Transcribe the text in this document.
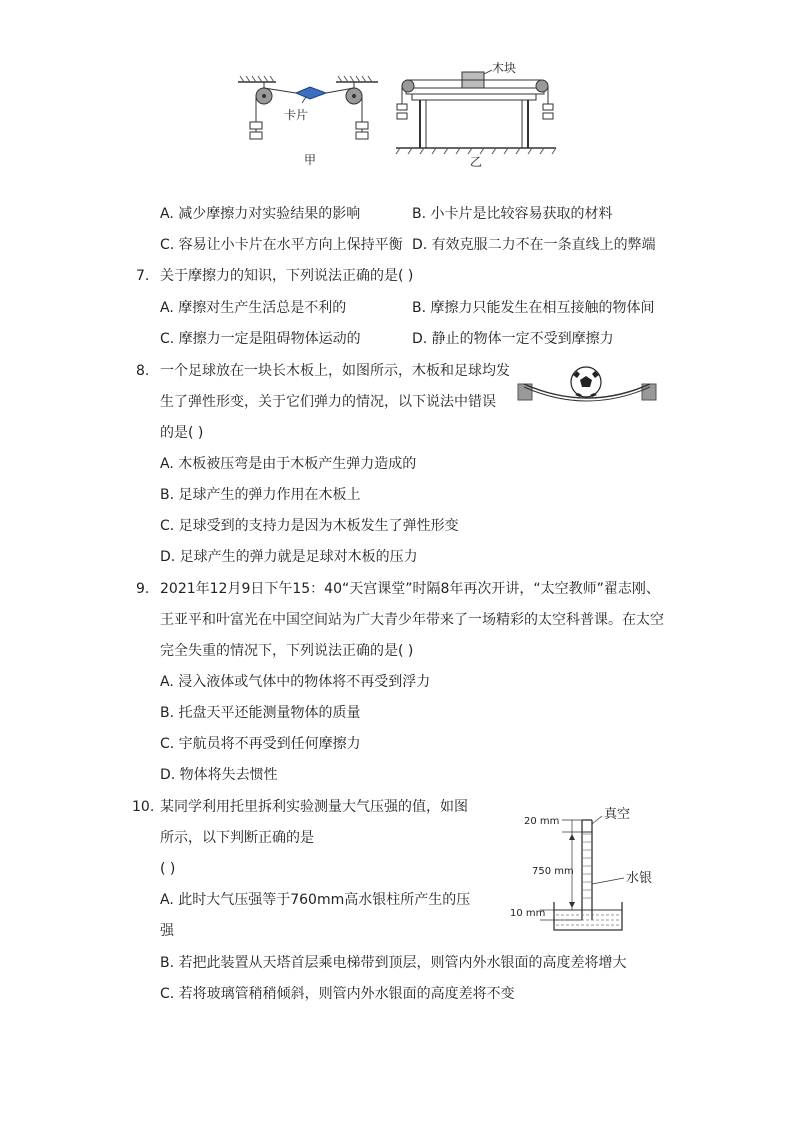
卡片
甲
木块
乙
A. 减少摩擦力对实验结果的影响	B. 小卡片是比较容易获取的材料
C. 容易让小卡片在水平方向上保持平衡 D. 有效克服二力不在一条直线上的弊端
7. 关于摩擦力的知识，下列说法正确的是( )
A. 摩擦对生产生活总是不利的	B. 摩擦力只能发生在相互接触的物体间
C. 摩擦力一定是阻碍物体运动的	D. 静止的物体一定不受到摩擦力
8. 一个足球放在一块长木板上，如图所示，木板和足球均发
生了弹性形变，关于它们弹力的情况，以下说法中错误
的是( )
A. 木板被压弯是由于木板产生弹力造成的
B. 足球产生的弹力作用在木板上
C. 足球受到的支持力是因为木板发生了弹性形变
D. 足球产生的弹力就是足球对木板的压力
9. 2021年12月9日下午15：40“天宫课堂”时隔8年再次开讲，“太空教师”翟志刚、
王亚平和叶富光在中国空间站为广大青少年带来了一场精彩的太空科普课。在太空
完全失重的情况下，下列说法正确的是( )
A. 浸入液体或气体中的物体将不再受到浮力
B. 托盘天平还能测量物体的质量
C. 宇航员将不再受到任何摩擦力
D. 物体将失去惯性
10. 某同学利用托里拆利实验测量大气压强的值，如图
所示，以下判断正确的是
( )
A. 此时大气压强等于760mm高水银柱所产生的压
强
B. 若把此装置从天塔首层乘电梯带到顶层，则管内外水银面的高度差将增大
C. 若将玻璃管稍稍倾斜，则管内外水银面的高度差将不变
20 mm
750 mm
10 mm
真空
水银
